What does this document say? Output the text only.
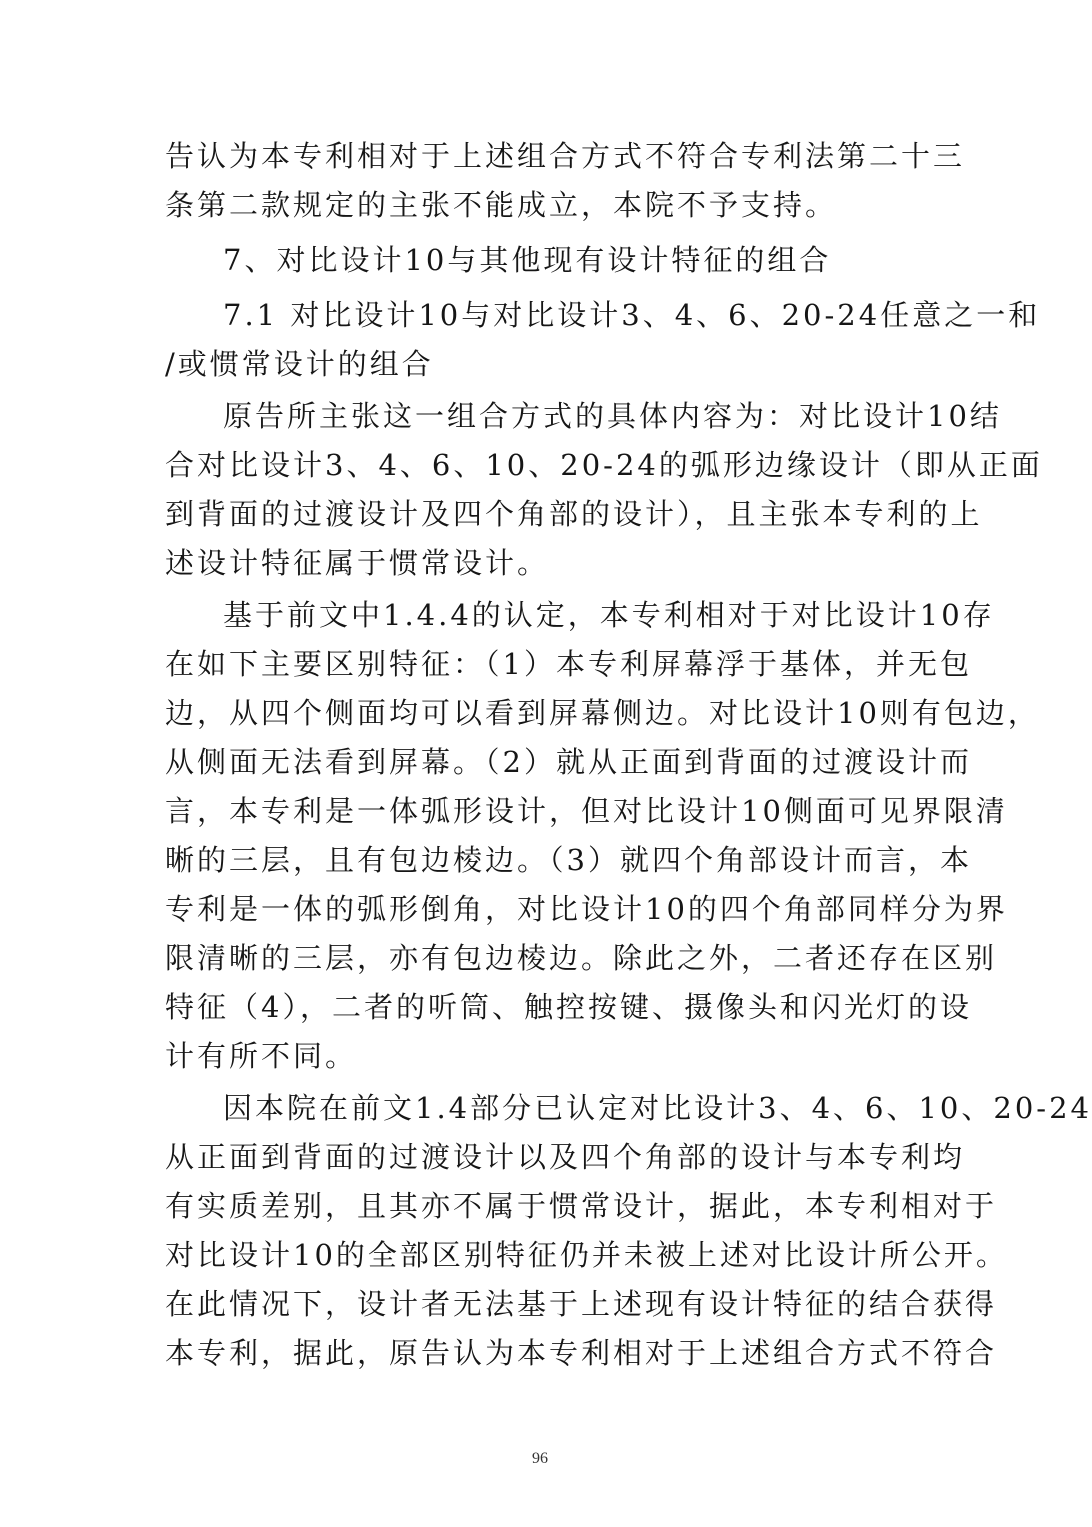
告认为本专利相对于上述组合方式不符合专利法第二十三
条第二款规定的主张不能成立，本院不予支持。
7、对比设计10与其他现有设计特征的组合
7.1 对比设计10与对比设计3、4、6、20-24任意之一和
/或惯常设计的组合
原告所主张这一组合方式的具体内容为：对比设计10结
合对比设计3、4、6、10、20-24的弧形边缘设计（即从正面
到背面的过渡设计及四个角部的设计），且主张本专利的上
述设计特征属于惯常设计。
基于前文中1.4.4的认定，本专利相对于对比设计10存
在如下主要区别特征：（1）本专利屏幕浮于基体，并无包
边，从四个侧面均可以看到屏幕侧边。对比设计10则有包边，
从侧面无法看到屏幕。（2）就从正面到背面的过渡设计而
言，本专利是一体弧形设计，但对比设计10侧面可见界限清
晰的三层，且有包边棱边。（3）就四个角部设计而言，本
专利是一体的弧形倒角，对比设计10的四个角部同样分为界
限清晰的三层，亦有包边棱边。除此之外，二者还存在区别
特征（4），二者的听筒、触控按键、摄像头和闪光灯的设
计有所不同。
因本院在前文1.4部分已认定对比设计3、4、6、10、20-24
从正面到背面的过渡设计以及四个角部的设计与本专利均
有实质差别，且其亦不属于惯常设计，据此，本专利相对于
对比设计10的全部区别特征仍并未被上述对比设计所公开。
在此情况下，设计者无法基于上述现有设计特征的结合获得
本专利，据此，原告认为本专利相对于上述组合方式不符合
96
